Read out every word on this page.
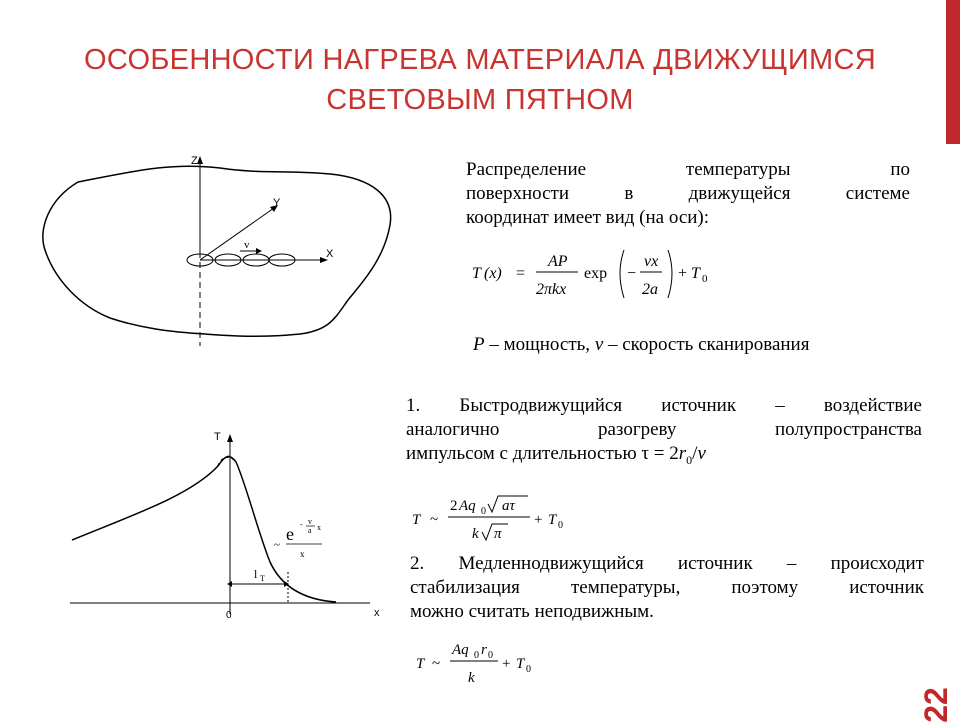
ОСОБЕННОСТИ НАГРЕВА МАТЕРИАЛА ДВИЖУЩИМСЯ
СВЕТОВЫМ ПЯТНОМ
22
Z
Y
X
v
Распределение температуры по
поверхности в движущейся системе
координат имеет вид (на оси):
T (x) =
AP
2πkx
exp −
vx
2a
+ T 0
P – мощность, v – скорость сканирования
1. Быстродвижущийся источник – воздействие
аналогично разогреву полупространства
импульсом с длительностью $\tau = 2r_0/v$
T ~
2 Aq 0 aτ
k π
+ T 0
2. Медленнодвижущийся источник – происходит
стабилизация температуры, поэтому источник
можно считать неподвижным.
T ~
Aq 0 r 0
k
+ T 0
T
x
0
l T
~
e - v
a x
x
